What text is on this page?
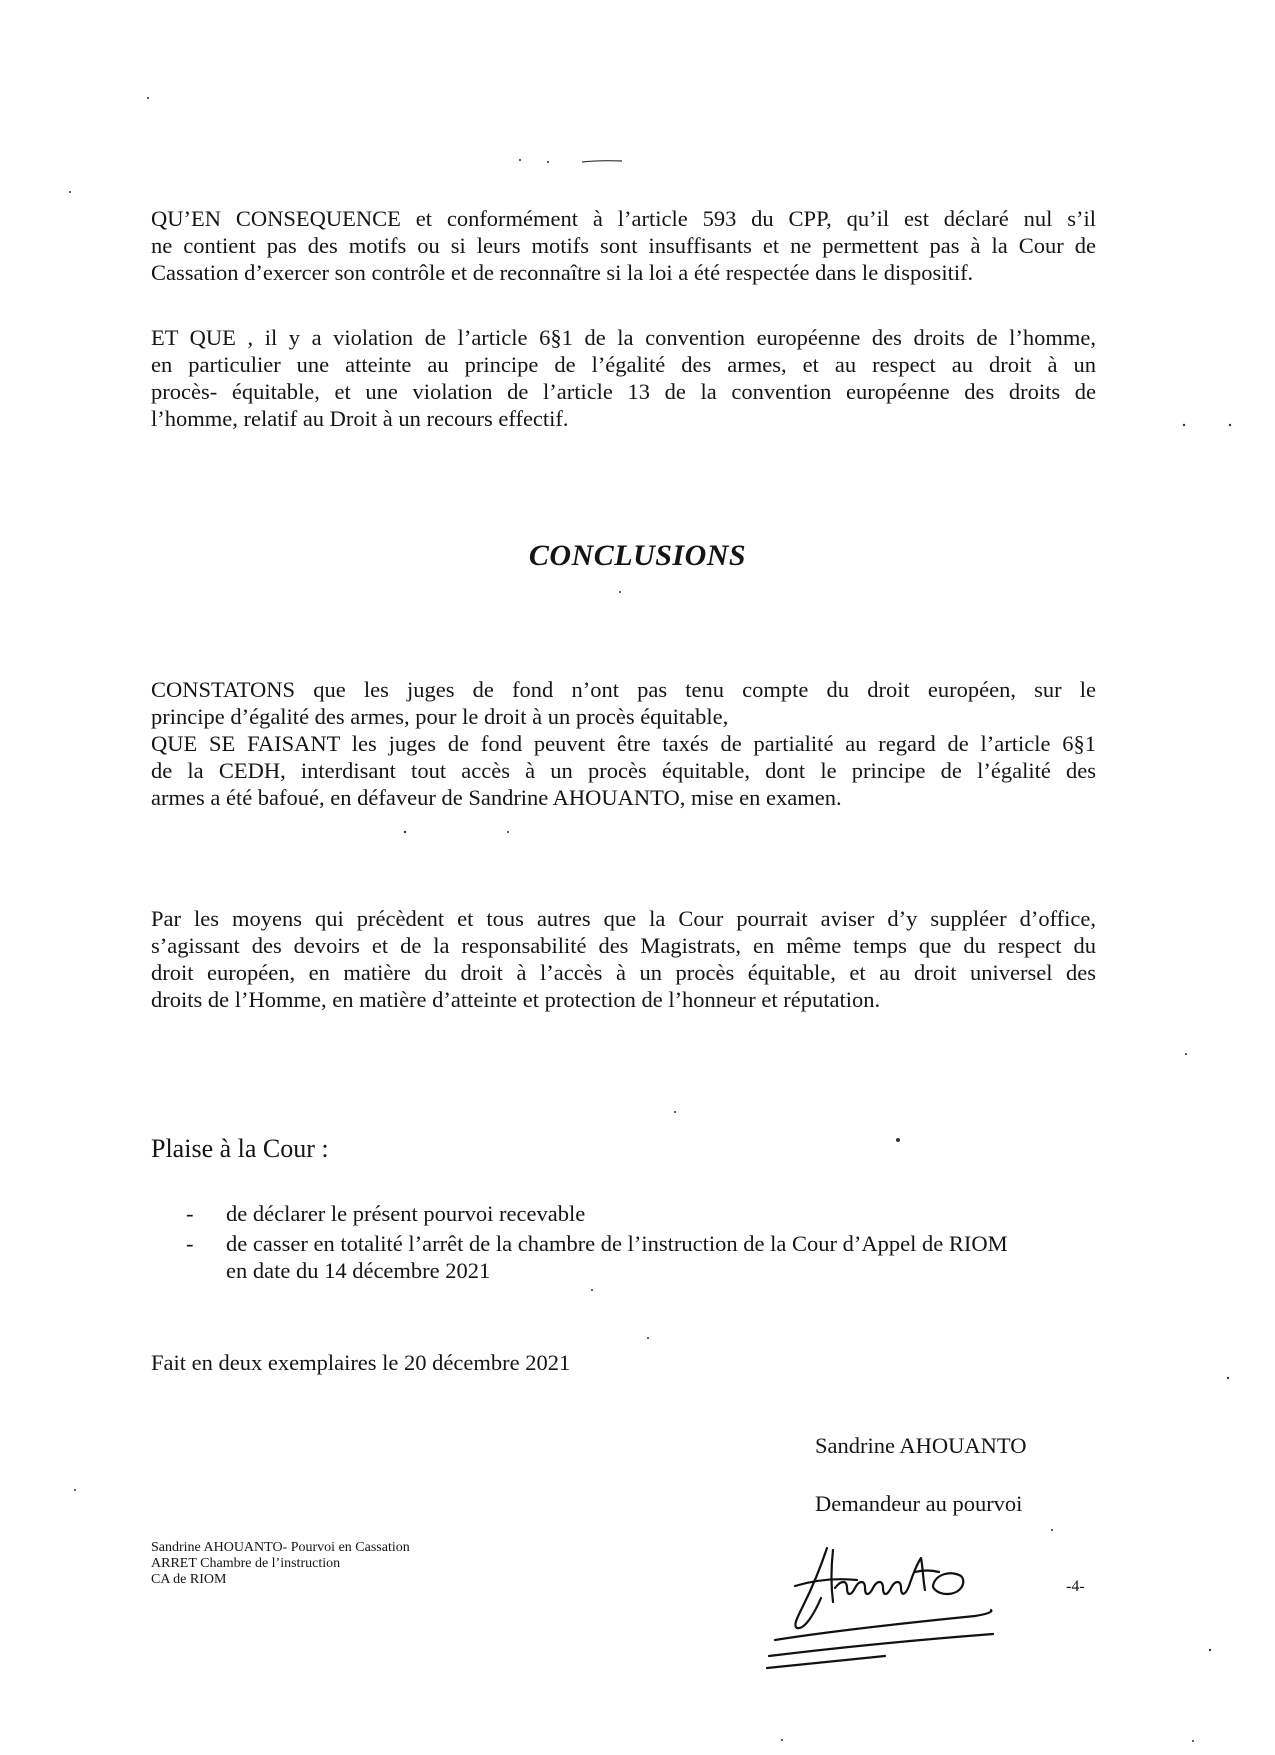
QU’EN CONSEQUENCE et conformément à l’article 593 du CPP, qu’il est déclaré nul s’il
ne contient pas des motifs ou si leurs motifs sont insuffisants et ne permettent pas à la Cour de
Cassation d’exercer son contrôle et de reconnaître si la loi a été respectée dans le dispositif.

ET QUE , il y a violation de l’article 6§1 de la convention européenne des droits de l’homme,
en particulier une atteinte au principe de l’égalité des armes, et au respect au droit à un
procès- équitable, et une violation de l’article 13 de la convention européenne des droits de
l’homme, relatif au Droit à un recours effectif.

CONCLUSIONS

CONSTATONS que les juges de fond n’ont pas tenu compte du droit européen, sur le
principe d’égalité des armes, pour le droit à un procès équitable,
QUE SE FAISANT les juges de fond peuvent être taxés de partialité au regard de l’article 6§1
de la CEDH, interdisant tout accès à un procès équitable, dont le principe de l’égalité des
armes a été bafoué, en défaveur de Sandrine AHOUANTO, mise en examen.

Par les moyens qui précèdent et tous autres que la Cour pourrait aviser d’y suppléer d’office,
s’agissant des devoirs et de la responsabilité des Magistrats, en même temps que du respect du
droit européen, en matière du droit à l’accès à un procès équitable, et au droit universel des
droits de l’Homme, en matière d’atteinte et protection de l’honneur et réputation.

Plaise à la Cour :

- de déclarer le présent pourvoi recevable
- de casser en totalité l’arrêt de la chambre de l’instruction de la Cour d’Appel de RIOM
en date du 14 décembre 2021

Fait en deux exemplaires le 20 décembre 2021

Sandrine AHOUANTO

Demandeur au pourvoi

Sandrine AHOUANTO- Pourvoi en Cassation
ARRET Chambre de l’instruction
CA de RIOM	-4-
